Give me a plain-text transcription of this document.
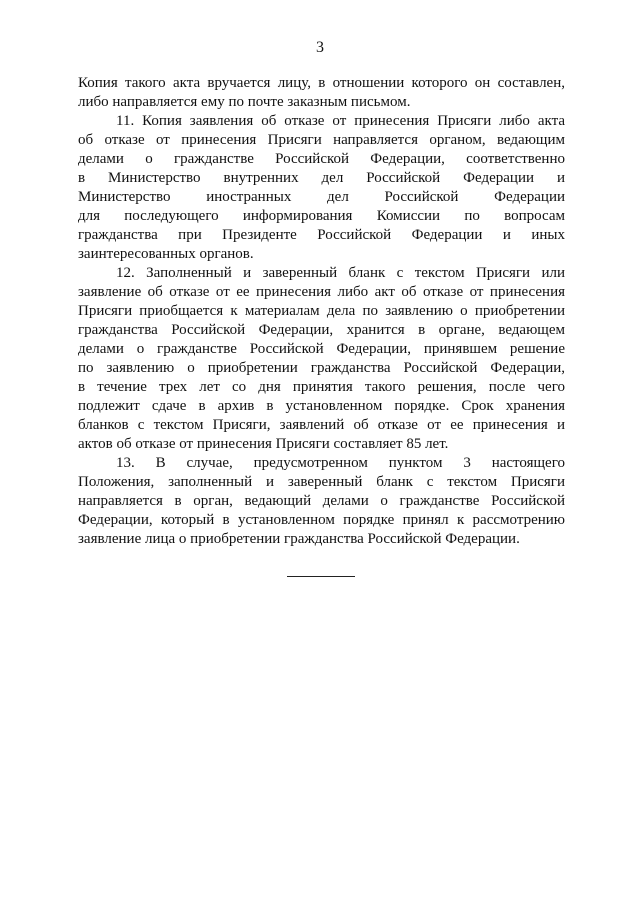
3

Копия такого акта вручается лицу, в отношении которого он составлен,
либо направляется ему по почте заказным письмом.

11. Копия заявления об отказе от принесения Присяги либо акта
об отказе от принесения Присяги направляется органом, ведающим
делами о гражданстве Российской Федерации, соответственно
в Министерство внутренних дел Российской Федерации и
Министерство иностранных дел Российской Федерации
для последующего информирования Комиссии по вопросам
гражданства при Президенте Российской Федерации и иных
заинтересованных органов.

12. Заполненный и заверенный бланк с текстом Присяги или
заявление об отказе от ее принесения либо акт об отказе от принесения
Присяги приобщается к материалам дела по заявлению о приобретении
гражданства Российской Федерации, хранится в органе, ведающем
делами о гражданстве Российской Федерации, принявшем решение
по заявлению о приобретении гражданства Российской Федерации,
в течение трех лет со дня принятия такого решения, после чего
подлежит сдаче в архив в установленном порядке. Срок хранения
бланков с текстом Присяги, заявлений об отказе от ее принесения и
актов об отказе от принесения Присяги составляет 85 лет.

13. В случае, предусмотренном пунктом 3 настоящего
Положения, заполненный и заверенный бланк с текстом Присяги
направляется в орган, ведающий делами о гражданстве Российской
Федерации, который в установленном порядке принял к рассмотрению
заявление лица о приобретении гражданства Российской Федерации.
